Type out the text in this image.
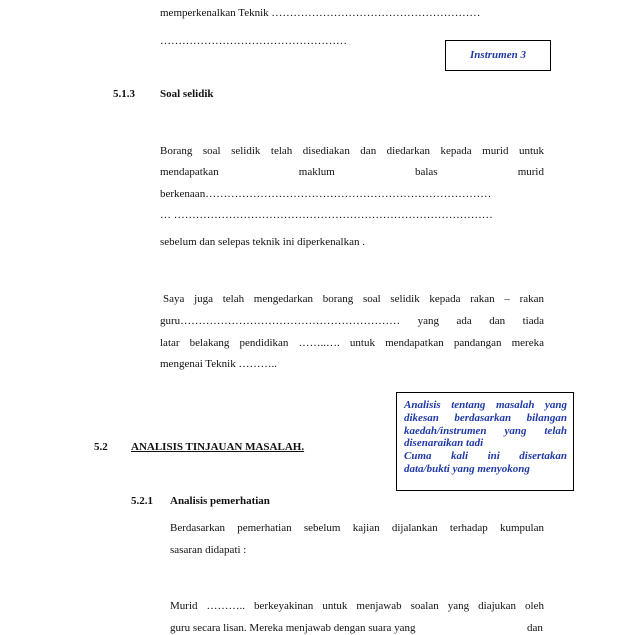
memperkenalkan Teknik …………………………………………………
……………………………………………
Instrumen 3
5.1.3 Soal selidik
Borang soal selidik telah disediakan dan diedarkan kepada murid untuk
mendapatkan	maklum	balas	murid
berkenaan……………………………………………………………………
… ……………………………………………………………………………
sebelum dan selepas teknik ini diperkenalkan .
Saya juga telah mengedarkan borang soal selidik kepada rakan – rakan
guru…………………………………………………… yang ada dan tiada
latar belakang pendidikan ……..…. untuk mendapatkan pandangan mereka
mengenai Teknik ………..
Analisis tentang masalah yang
dikesan berdasarkan bilangan
kaedah/instrumen yang telah
disenaraikan tadi
Cuma kali ini disertakan
data/bukti yang menyokong
5.2 ANALISIS TINJAUAN MASALAH.
5.2.1 Analisis pemerhatian
Berdasarkan pemerhatian sebelum kajian dijalankan terhadap kumpulan
sasaran didapati :
Murid ……….. berkeyakinan untuk menjawab soalan yang diajukan oleh
guru secara lisan. Mereka menjawab dengan suara yang	dan
